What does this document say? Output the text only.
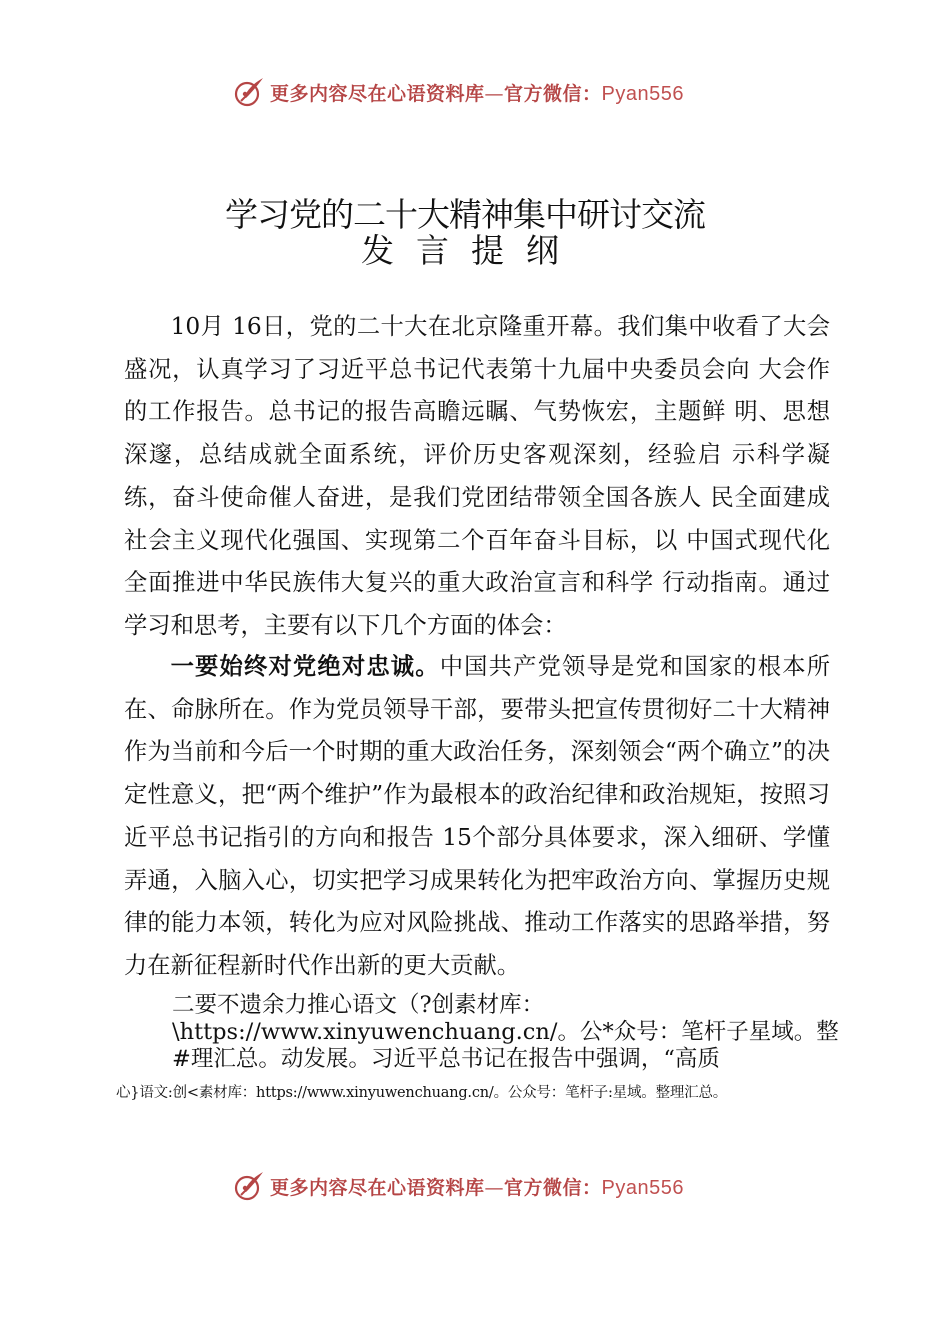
更多内容尽在心语资料库—官方微信：Pyan556
学习党的二十大精神集中研讨交流
发言提纲

10月 16日，党的二十大在北京隆重开幕。我们集中收看了大会盛况，认真学习了习近平总书记代表第十九届中央委员会向 大会作的工作报告。总书记的报告高瞻远瞩、气势恢宏，主题鲜 明、思想深邃，总结成就全面系统，评价历史客观深刻，经验启 示科学凝练，奋斗使命催人奋进，是我们党团结带领全国各族人 民全面建成社会主义现代化强国、实现第二个百年奋斗目标，以 中国式现代化全面推进中华民族伟大复兴的重大政治宣言和科学 行动指南。通过学习和思考，主要有以下几个方面的体会：

一要始终对党绝对忠诚。中国共产党领导是党和国家的根本所在、命脉所在。作为党员领导干部，要带头把宣传贯彻好二十大精神作为当前和今后一个时期的重大政治任务，深刻领会“两个确立”的决定性意义，把“两个维护”作为最根本的政治纪律和政治规矩，按照习近平总书记指引的方向和报告 15个部分具体要求，深入细研、学懂弄通，入脑入心，切实把学习成果转化为把牢政治方向、掌握历史规律的能力本领，转化为应对风险挑战、推动工作落实的思路举措，努力在新征程新时代作出新的更大贡献。

二要不遗余力推心语文（?创素材库：\https://www.xinyuwenchuang.cn/。公*众号：笔杆子星域。整#理汇总。动发展。习近平总书记在报告中强调，“高质

心}语文:创<素材库：https://www.xinyuwenchuang.cn/。公众号：笔杆子:星域。整理汇总。
更多内容尽在心语资料库—官方微信：Pyan556
